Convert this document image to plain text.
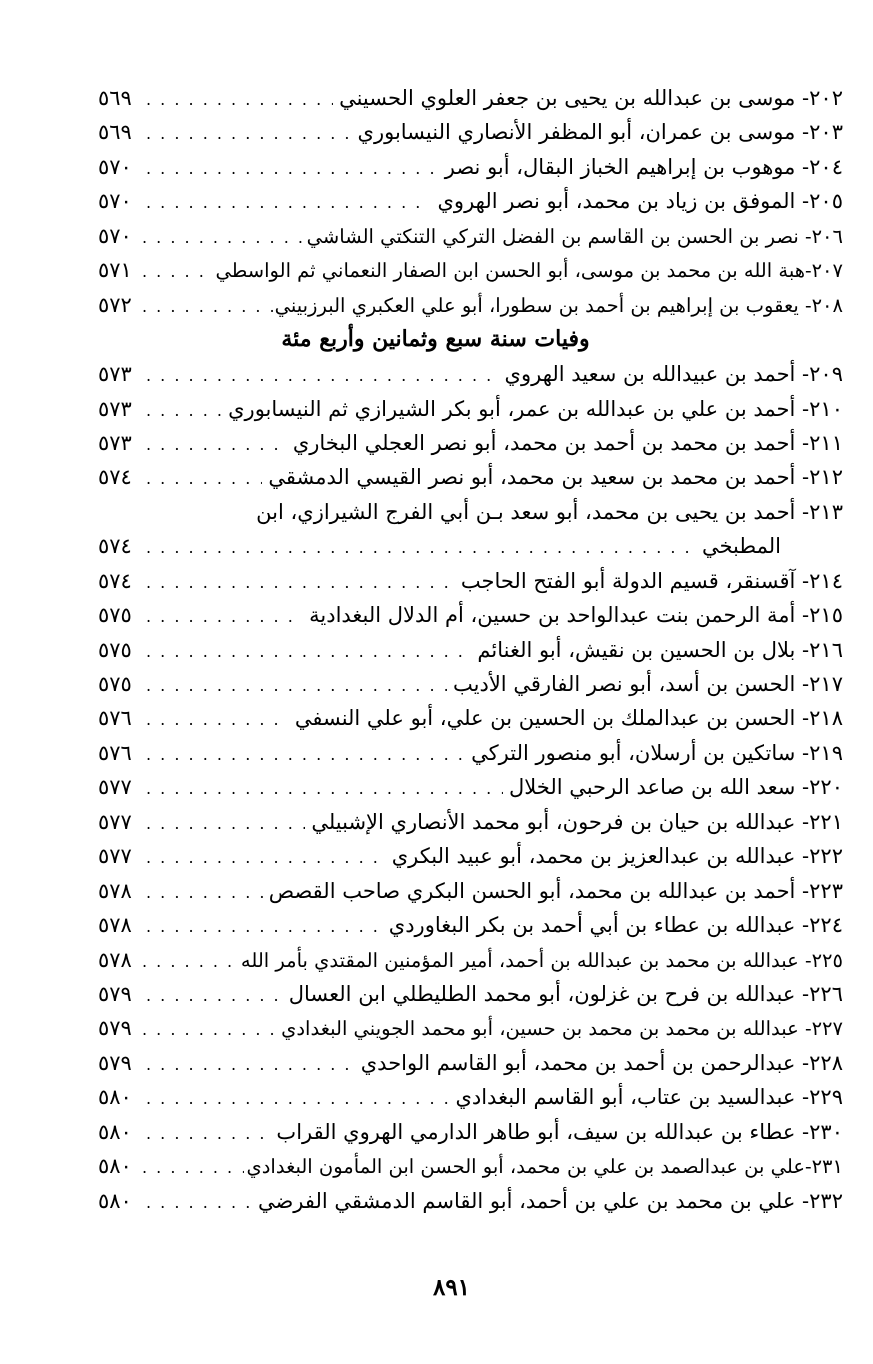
٢٠٢- موسى بن عبدالله بن يحيى بن جعفر العلوي الحسيني
. . .
٥٦٩
٢٠٣- موسى بن عمران، أبو المظفر الأنصاري النيسابوري
. . .
٥٦٩
٢٠٤- موهوب بن إبراهيم الخباز البقال، أبو نصر
. . .
٥٧٠
٢٠٥- الموفق بن زياد بن محمد، أبو نصر الهروي
. . .
٥٧٠
٢٠٦- نصر بن الحسن بن القاسم بن الفضل التركي التنكتي الشاشي
. . .
٥٧٠
٢٠٧-هبة الله بن محمد بن موسى، أبو الحسن ابن الصفار النعماني ثم الواسطي
. . .
٥٧١
٢٠٨- يعقوب بن إبراهيم بن أحمد بن سطورا، أبو علي العكبري البرزبيني
. . .
٥٧٢
وفيات سنة سبع وثمانين وأربع مئة
٢٠٩- أحمد بن عبيدالله بن سعيد الهروي
. . .
٥٧٣
٢١٠- أحمد بن علي بن عبدالله بن عمر، أبو بكر الشيرازي ثم النيسابوري
. . .
٥٧٣
٢١١- أحمد بن محمد بن أحمد بن محمد، أبو نصر العجلي البخاري
. . .
٥٧٣
٢١٢- أحمد بن محمد بن سعيد بن محمد، أبو نصر القيسي الدمشقي
. . .
٥٧٤
٢١٣- أحمد بن يحيى بن محمد، أبو سعد بـن أبي الفرج الشيرازي، ابن
المطبخي
. . .
٥٧٤
٢١٤- آقسنقر، قسيم الدولة أبو الفتح الحاجب
. . .
٥٧٤
٢١٥- أمة الرحمن بنت عبدالواحد بن حسين، أم الدلال البغدادية
. . .
٥٧٥
٢١٦- بلال بن الحسين بن نقيش، أبو الغنائم
. . .
٥٧٥
٢١٧- الحسن بن أسد، أبو نصر الفارقي الأديب
. . .
٥٧٥
٢١٨- الحسن بن عبدالملك بن الحسين بن علي، أبو علي النسفي
. . .
٥٧٦
٢١٩- ساتكين بن أرسلان، أبو منصور التركي
. . .
٥٧٦
٢٢٠- سعد الله بن صاعد الرحبي الخلال
. . .
٥٧٧
٢٢١- عبدالله بن حيان بن فرحون، أبو محمد الأنصاري الإشبيلي
. . .
٥٧٧
٢٢٢- عبدالله بن عبدالعزيز بن محمد، أبو عبيد البكري
. . .
٥٧٧
٢٢٣- أحمد بن عبدالله بن محمد، أبو الحسن البكري صاحب القصص
. . .
٥٧٨
٢٢٤- عبدالله بن عطاء بن أبي أحمد بن بكر البغاوردي
. . .
٥٧٨
٢٢٥- عبدالله بن محمد بن عبدالله بن أحمد، أمير المؤمنين المقتدي بأمر الله
. . .
٥٧٨
٢٢٦- عبدالله بن فرح بن غزلون، أبو محمد الطليطلي ابن العسال
. . .
٥٧٩
٢٢٧- عبدالله بن محمد بن محمد بن حسين، أبو محمد الجويني البغدادي
. . .
٥٧٩
٢٢٨- عبدالرحمن بن أحمد بن محمد، أبو القاسم الواحدي
. . .
٥٧٩
٢٢٩- عبدالسيد بن عتاب، أبو القاسم البغدادي
. . .
٥٨٠
٢٣٠- عطاء بن عبدالله بن سيف، أبو طاهر الدارمي الهروي القراب
. . .
٥٨٠
٢٣١-علي بن عبدالصمد بن علي بن محمد، أبو الحسن ابن المأمون البغدادي
. . .
٥٨٠
٢٣٢- علي بن محمد بن علي بن أحمد، أبو القاسم الدمشقي الفرضي
. . .
٥٨٠
٨٩١
